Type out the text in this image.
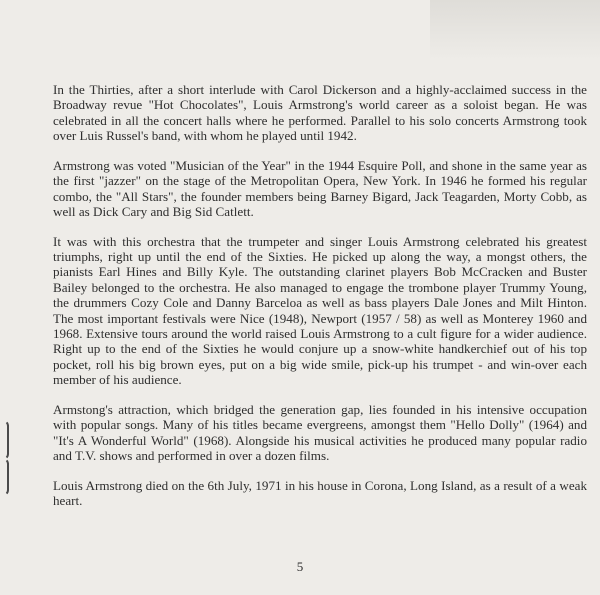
In the Thirties, after a short interlude with Carol Dickerson and a highly-acclaimed success in the Broadway revue "Hot Chocolates", Louis Armstrong's world career as a soloist began. He was celebrated in all the concert halls where he performed. Parallel to his solo concerts Armstrong took over Luis Russel's band, with whom he played until 1942.

Armstrong was voted "Musician of the Year" in the 1944 Esquire Poll, and shone in the same year as the first "jazzer" on the stage of the Metropolitan Opera, New York. In 1946 he formed his regular combo, the "All Stars", the founder members being Barney Bigard, Jack Teagarden, Morty Cobb, as well as Dick Cary and Big Sid Catlett.

It was with this orchestra that the trumpeter and singer Louis Armstrong celebrated his greatest triumphs, right up until the end of the Sixties. He picked up along the way, a mongst others, the pianists Earl Hines and Billy Kyle. The outstanding clarinet players Bob McCracken and Buster Bailey belonged to the orchestra. He also managed to engage the trombone player Trummy Young, the drummers Cozy Cole and Danny Barceloa as well as bass players Dale Jones and Milt Hinton. The most important festivals were Nice (1948), Newport (1957 / 58) as well as Monterey 1960 and 1968. Extensive tours around the world raised Louis Armstrong to a cult figure for a wider audience. Right up to the end of the Sixties he would conjure up a snow-white handkerchief out of his top pocket, roll his big brown eyes, put on a big wide smile, pick-up his trumpet - and win-over each member of his audience.

Armstong's attraction, which bridged the generation gap, lies founded in his intensive occupation with popular songs. Many of his titles became evergreens, amongst them "Hello Dolly" (1964) and "It's A Wonderful World" (1968). Alongside his musical activities he produced many popular radio and T.V. shows and performed in over a dozen films.

Louis Armstrong died on the 6th July, 1971 in his house in Corona, Long Island, as a result of a weak heart.

5
